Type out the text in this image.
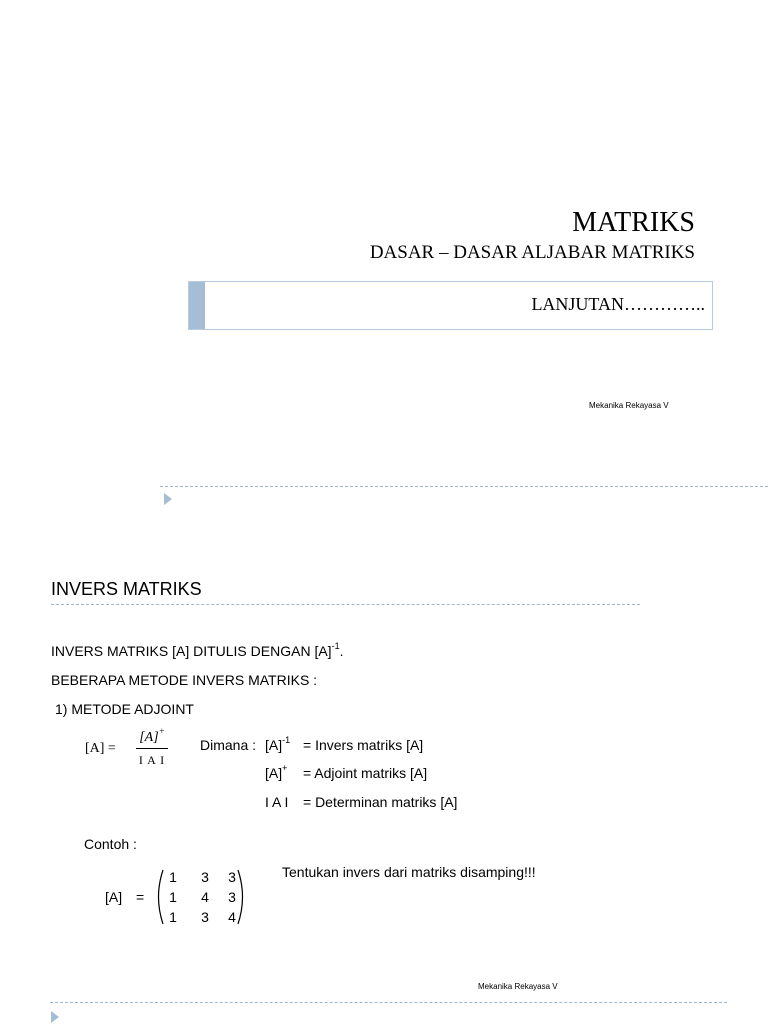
MATRIKS
DASAR – DASAR ALJABAR MATRIKS
LANJUTAN…………..
Mekanika Rekayasa V
INVERS MATRIKS
INVERS MATRIKS [A] DITULIS DENGAN $[A]^{-1}$.
BEBERAPA METODE INVERS MATRIKS :
1) METODE ADJOINT
[A] =
[A]+
I A I
Dimana : $[A]^{-1}$ = Invers matriks [A]
[A]+ = Adjoint matriks [A]
I A I = Determinan matriks [A]
Contoh :
[A] =
1	3	3
1	4	3
1	3	4
Tentukan invers dari matriks disamping!!!
Mekanika Rekayasa V
